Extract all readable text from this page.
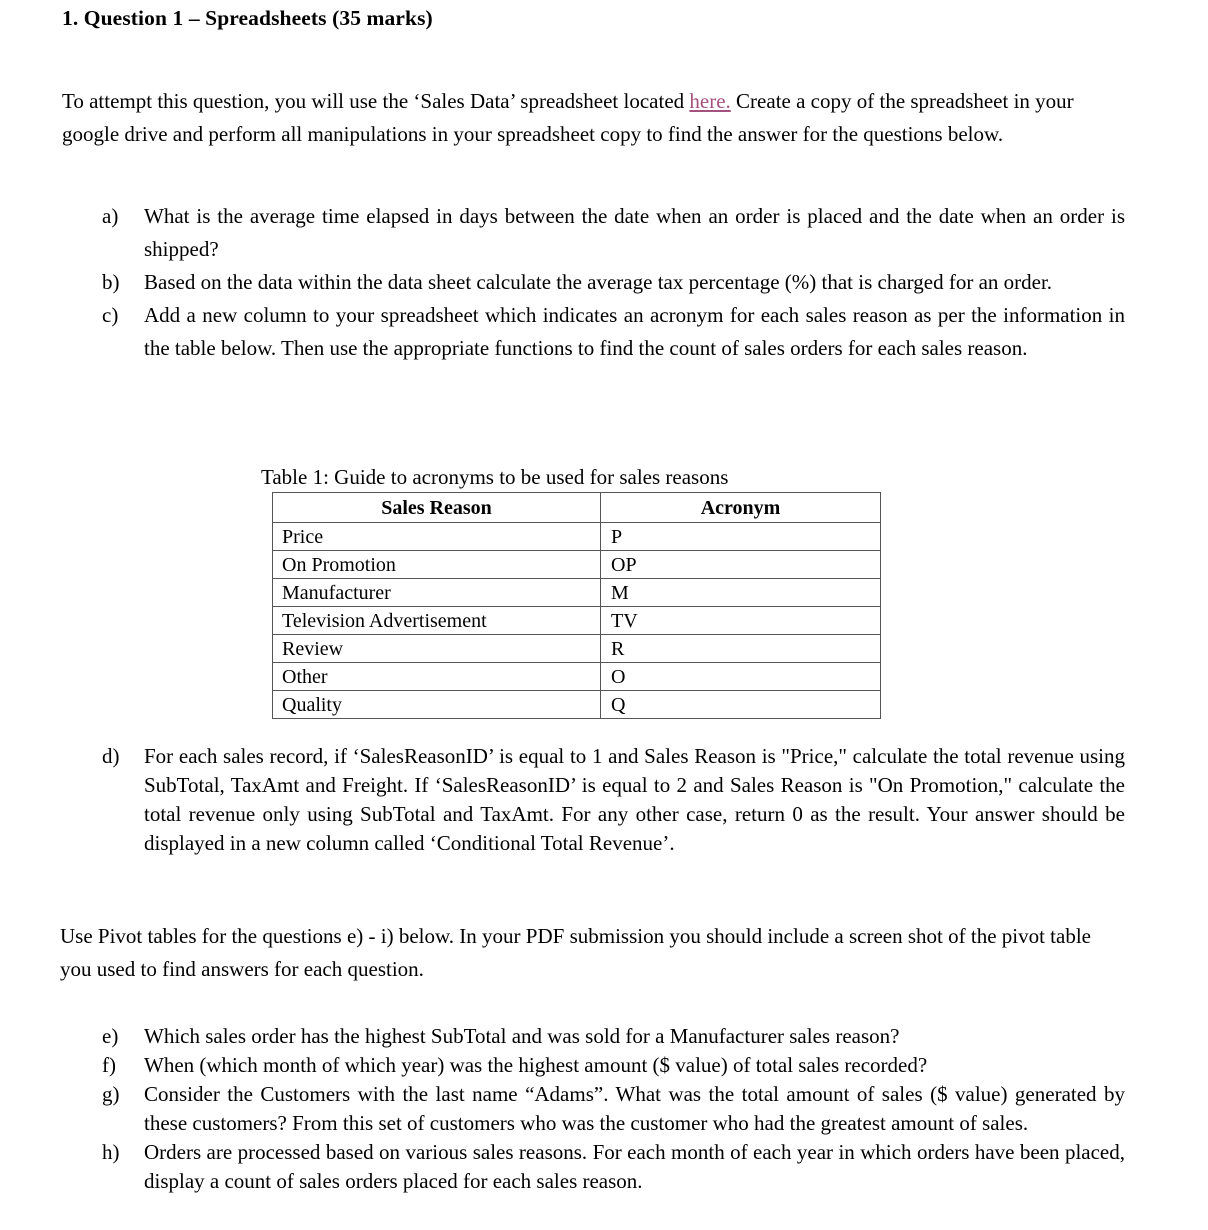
1. Question 1 – Spreadsheets (35 marks)
To attempt this question, you will use the ‘Sales Data’ spreadsheet located here. Create a copy of the spreadsheet in your google drive and perform all manipulations in your spreadsheet copy to find the answer for the questions below.
a)	What is the average time elapsed in days between the date when an order is placed and the date when an order is shipped?
b)	Based on the data within the data sheet calculate the average tax percentage (%) that is charged for an order.
c)	Add a new column to your spreadsheet which indicates an acronym for each sales reason as per the information in the table below. Then use the appropriate functions to find the count of sales orders for each sales reason.
Table 1: Guide to acronyms to be used for sales reasons
Sales Reason	Acronym
Price	P
On Promotion	OP
Manufacturer	M
Television Advertisement	TV
Review	R
Other	O
Quality	Q
d)	For each sales record, if ‘SalesReasonID’ is equal to 1 and Sales Reason is "Price," calculate the total revenue using SubTotal, TaxAmt and Freight. If ‘SalesReasonID’ is equal to 2 and Sales Reason is "On Promotion," calculate the total revenue only using SubTotal and TaxAmt. For any other case, return 0 as the result. Your answer should be displayed in a new column called ‘Conditional Total Revenue’.
Use Pivot tables for the questions e) - i) below. In your PDF submission you should include a screen shot of the pivot table you used to find answers for each question.
e)	Which sales order has the highest SubTotal and was sold for a Manufacturer sales reason?
f)	When (which month of which year) was the highest amount ($ value) of total sales recorded?
g)	Consider the Customers with the last name “Adams”. What was the total amount of sales ($ value) generated by these customers? From this set of customers who was the customer who had the greatest amount of sales.
h)	Orders are processed based on various sales reasons. For each month of each year in which orders have been placed, display a count of sales orders placed for each sales reason.
